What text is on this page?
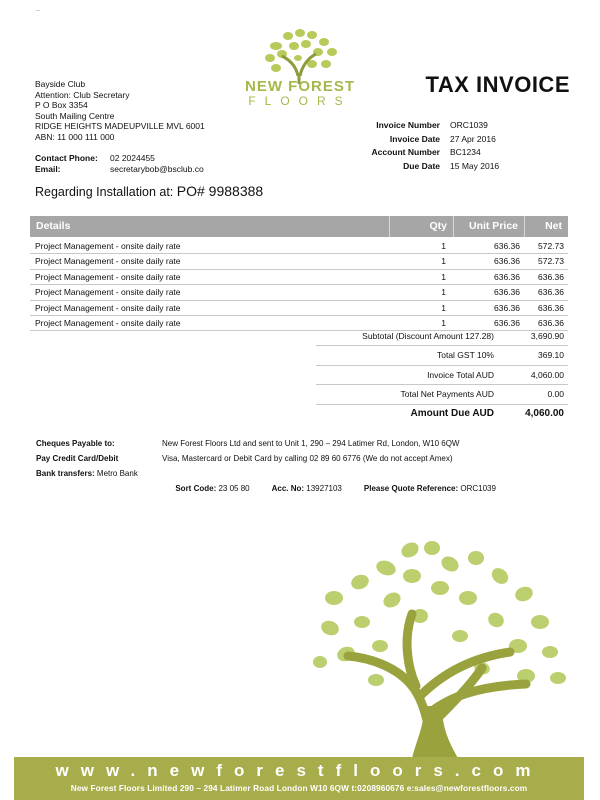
--
NEW FOREST
FLOORS
TAX INVOICE
Bayside Club
Attention: Club Secretary
P O Box 3354
South Mailing Centre
RIDGE HEIGHTS MADEUPVILLE MVL 6001
ABN: 11 000 111 000
Invoice Number	ORC1039
Invoice Date	27 Apr 2016
Account Number	BC1234
Due Date	15 May 2016
Contact Phone:	02 2024455
Email:	secretarybob@bsclub.co
Regarding Installation at: PO# 9988388
Details	Qty	Unit Price	Net
Project Management - onsite daily rate	1	636.36	572.73
Project Management - onsite daily rate	1	636.36	572.73
Project Management - onsite daily rate	1	636.36	636.36
Project Management - onsite daily rate	1	636.36	636.36
Project Management - onsite daily rate	1	636.36	636.36
Project Management - onsite daily rate	1	636.36	636.36
Subtotal (Discount Amount 127.28)	3,690.90
Total GST 10%	369.10
Invoice Total AUD	4,060.00
Total Net Payments AUD	0.00
Amount Due AUD	4,060.00
Cheques Payable to:	New Forest Floors Ltd and sent to Unit 1, 290 – 294 Latimer Rd, London, W10 6QW
Pay Credit Card/Debit	Visa, Mastercard or Debit Card by calling 02 89 60 6776 (We do not accept Amex)
Bank transfers: Metro Bank

Sort Code: 23 05 80	Acc. No: 13927103	Please Quote Reference: ORC1039

www.newforestfloors.com
New Forest Floors Limited 290 – 294 Latimer Road London W10 6QW t:0208960676 e:sales@newforestfloors.com
